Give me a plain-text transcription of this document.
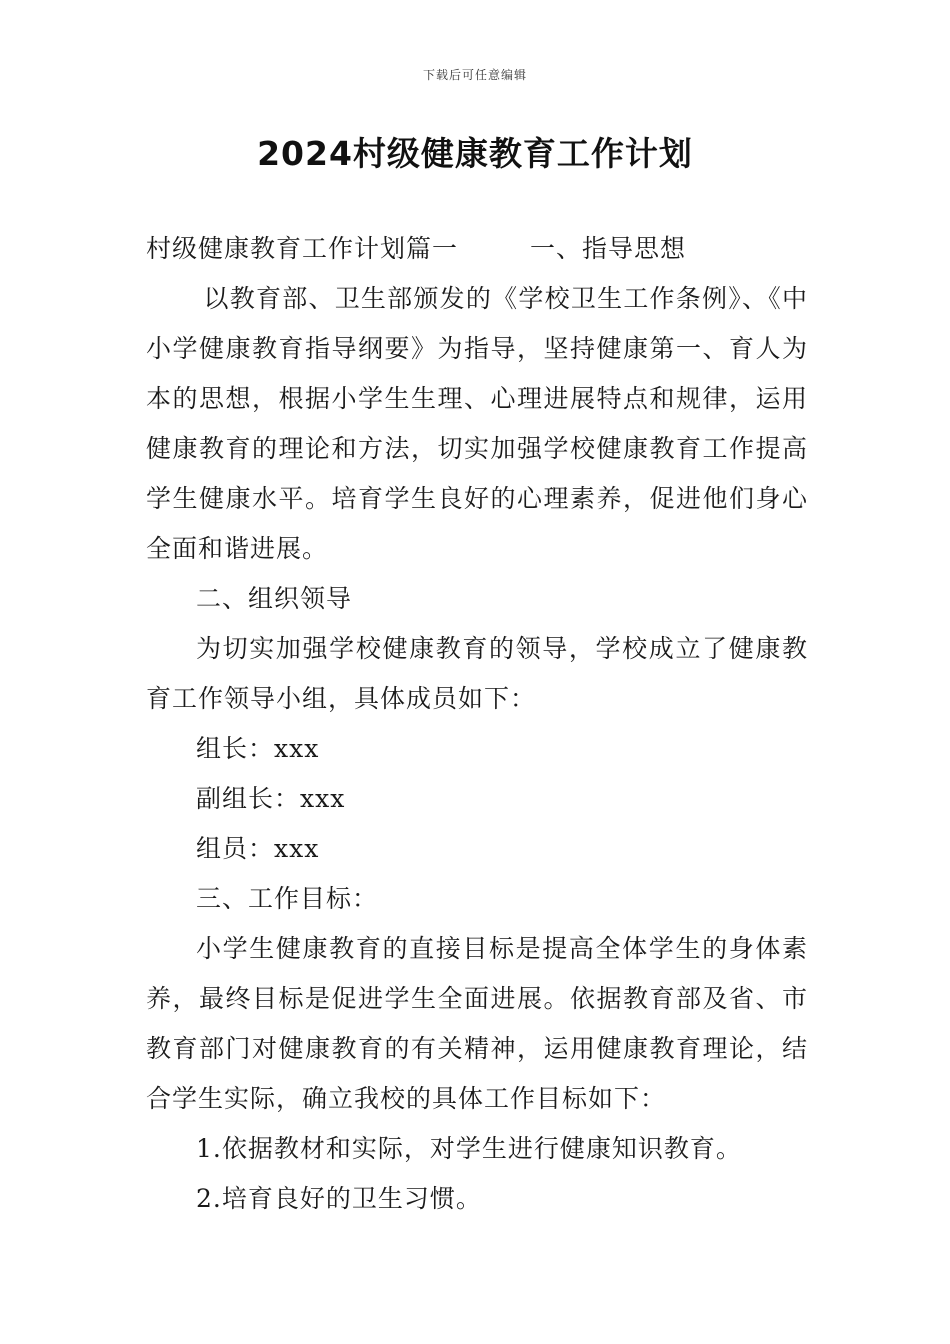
下载后可任意编辑
2024村级健康教育工作计划

村级健康教育工作计划篇一	一、指导思想

以教育部、卫生部颁发的《学校卫生工作条例》、《中小学健康教育指导纲要》为指导，坚持健康第一、育人为本的思想，根据小学生生理、心理进展特点和规律，运用健康教育的理论和方法，切实加强学校健康教育工作提高学生健康水平。培育学生良好的心理素养，促进他们身心全面和谐进展。

二、组织领导

为切实加强学校健康教育的领导，学校成立了健康教育工作领导小组，具体成员如下：

组长：xxx

副组长：xxx

组员：xxx

三、工作目标：

小学生健康教育的直接目标是提高全体学生的身体素养，最终目标是促进学生全面进展。依据教育部及省、市教育部门对健康教育的有关精神，运用健康教育理论，结合学生实际，确立我校的具体工作目标如下：

1.依据教材和实际，对学生进行健康知识教育。

2.培育良好的卫生习惯。
